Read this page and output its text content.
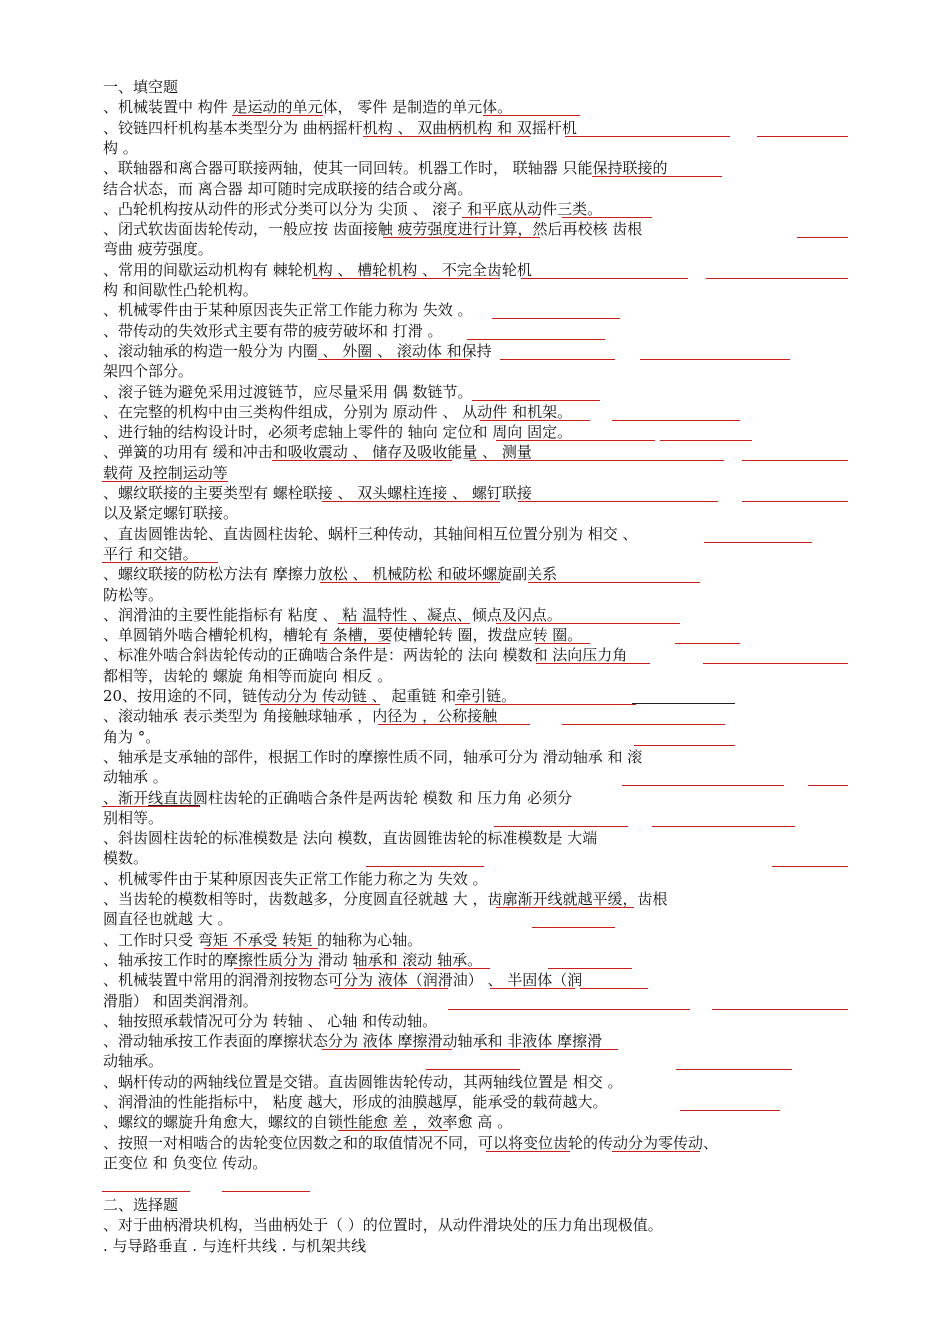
一、填空题
、机械装置中 构件 是运动的单元体， 零件 是制造的单元体。
、铰链四杆机构基本类型分为 曲柄摇杆机构 、 双曲柄机构 和 双摇杆机
构 。
、联轴器和离合器可联接两轴，使其一同回转。机器工作时， 联轴器 只能保持联接的
结合状态，而 离合器 却可随时完成联接的结合或分离。
、凸轮机构按从动件的形式分类可以分为 尖顶 、 滚子 和平底从动件三类。
、闭式软齿面齿轮传动，一般应按 齿面接触 疲劳强度进行计算，然后再校核 齿根
弯曲 疲劳强度。
、常用的间歇运动机构有 棘轮机构 、 槽轮机构 、 不完全齿轮机
构 和间歇性凸轮机构。
、机械零件由于某种原因丧失正常工作能力称为 失效 。
、带传动的失效形式主要有带的疲劳破坏和 打滑 。
、滚动轴承的构造一般分为 内圈 、 外圈 、 滚动体 和保持
架四个部分。
、滚子链为避免采用过渡链节，应尽量采用 偶 数链节。
、在完整的机构中由三类构件组成，分别为 原动件 、 从动件 和机架。
、进行轴的结构设计时，必须考虑轴上零件的 轴向 定位和 周向 固定。
、弹簧的功用有 缓和冲击和吸收震动 、 储存及吸收能量 、 测量
载荷 及控制运动等
、螺纹联接的主要类型有 螺栓联接 、 双头螺柱连接 、 螺钉联接
以及紧定螺钉联接。
、直齿圆锥齿轮、直齿圆柱齿轮、蜗杆三种传动，其轴间相互位置分别为 相交 、
平行 和交错。
、螺纹联接的防松方法有 摩擦力放松 、 机械防松 和破坏螺旋副关系
防松等。
、润滑油的主要性能指标有 粘度 、 粘 温特性 、凝点、倾点及闪点。
、单圆销外啮合槽轮机构，槽轮有 条槽，要使槽轮转 圈，拨盘应转 圈。
、标准外啮合斜齿轮传动的正确啮合条件是：两齿轮的 法向 模数和 法向压力角
都相等，齿轮的 螺旋 角相等而旋向 相反 。
20、按用途的不同，链传动分为 传动链 、 起重链 和牵引链。
、滚动轴承 表示类型为 角接触球轴承 ，内径为 ，公称接触
角为 °。
、轴承是支承轴的部件，根据工作时的摩擦性质不同，轴承可分为 滑动轴承 和 滚
动轴承 。
、渐开线直齿圆柱齿轮的正确啮合条件是两齿轮 模数 和 压力角 必须分
别相等。
、斜齿圆柱齿轮的标准模数是 法向 模数，直齿圆锥齿轮的标准模数是 大端
模数。
、机械零件由于某种原因丧失正常工作能力称之为 失效 。
、当齿轮的模数相等时，齿数越多，分度圆直径就越 大 ，齿廓渐开线就越平缓，齿根
圆直径也就越 大 。
、工作时只受 弯矩 不承受 转矩 的轴称为心轴。
、轴承按工作时的摩擦性质分为 滑动 轴承和 滚动 轴承。
、机械装置中常用的润滑剂按物态可分为 液体（润滑油） 、 半固体（润
滑脂） 和固类润滑剂。
、轴按照承载情况可分为 转轴 、 心轴 和传动轴。
、滑动轴承按工作表面的摩擦状态分为 液体 摩擦滑动轴承和 非液体 摩擦滑
动轴承。
、蜗杆传动的两轴线位置是交错。直齿圆锥齿轮传动，其两轴线位置是 相交 。
、润滑油的性能指标中， 粘度 越大，形成的油膜越厚，能承受的载荷越大。
、螺纹的螺旋升角愈大，螺纹的自锁性能愈 差 ，效率愈 高 。
、按照一对相啮合的齿轮变位因数之和的取值情况不同，可以将变位齿轮的传动分为零传动、
正变位 和 负变位 传动。
二、选择题
、对于曲柄滑块机构，当曲柄处于（ ）的位置时，从动件滑块处的压力角出现极值。
. 与导路垂直 . 与连杆共线 . 与机架共线
